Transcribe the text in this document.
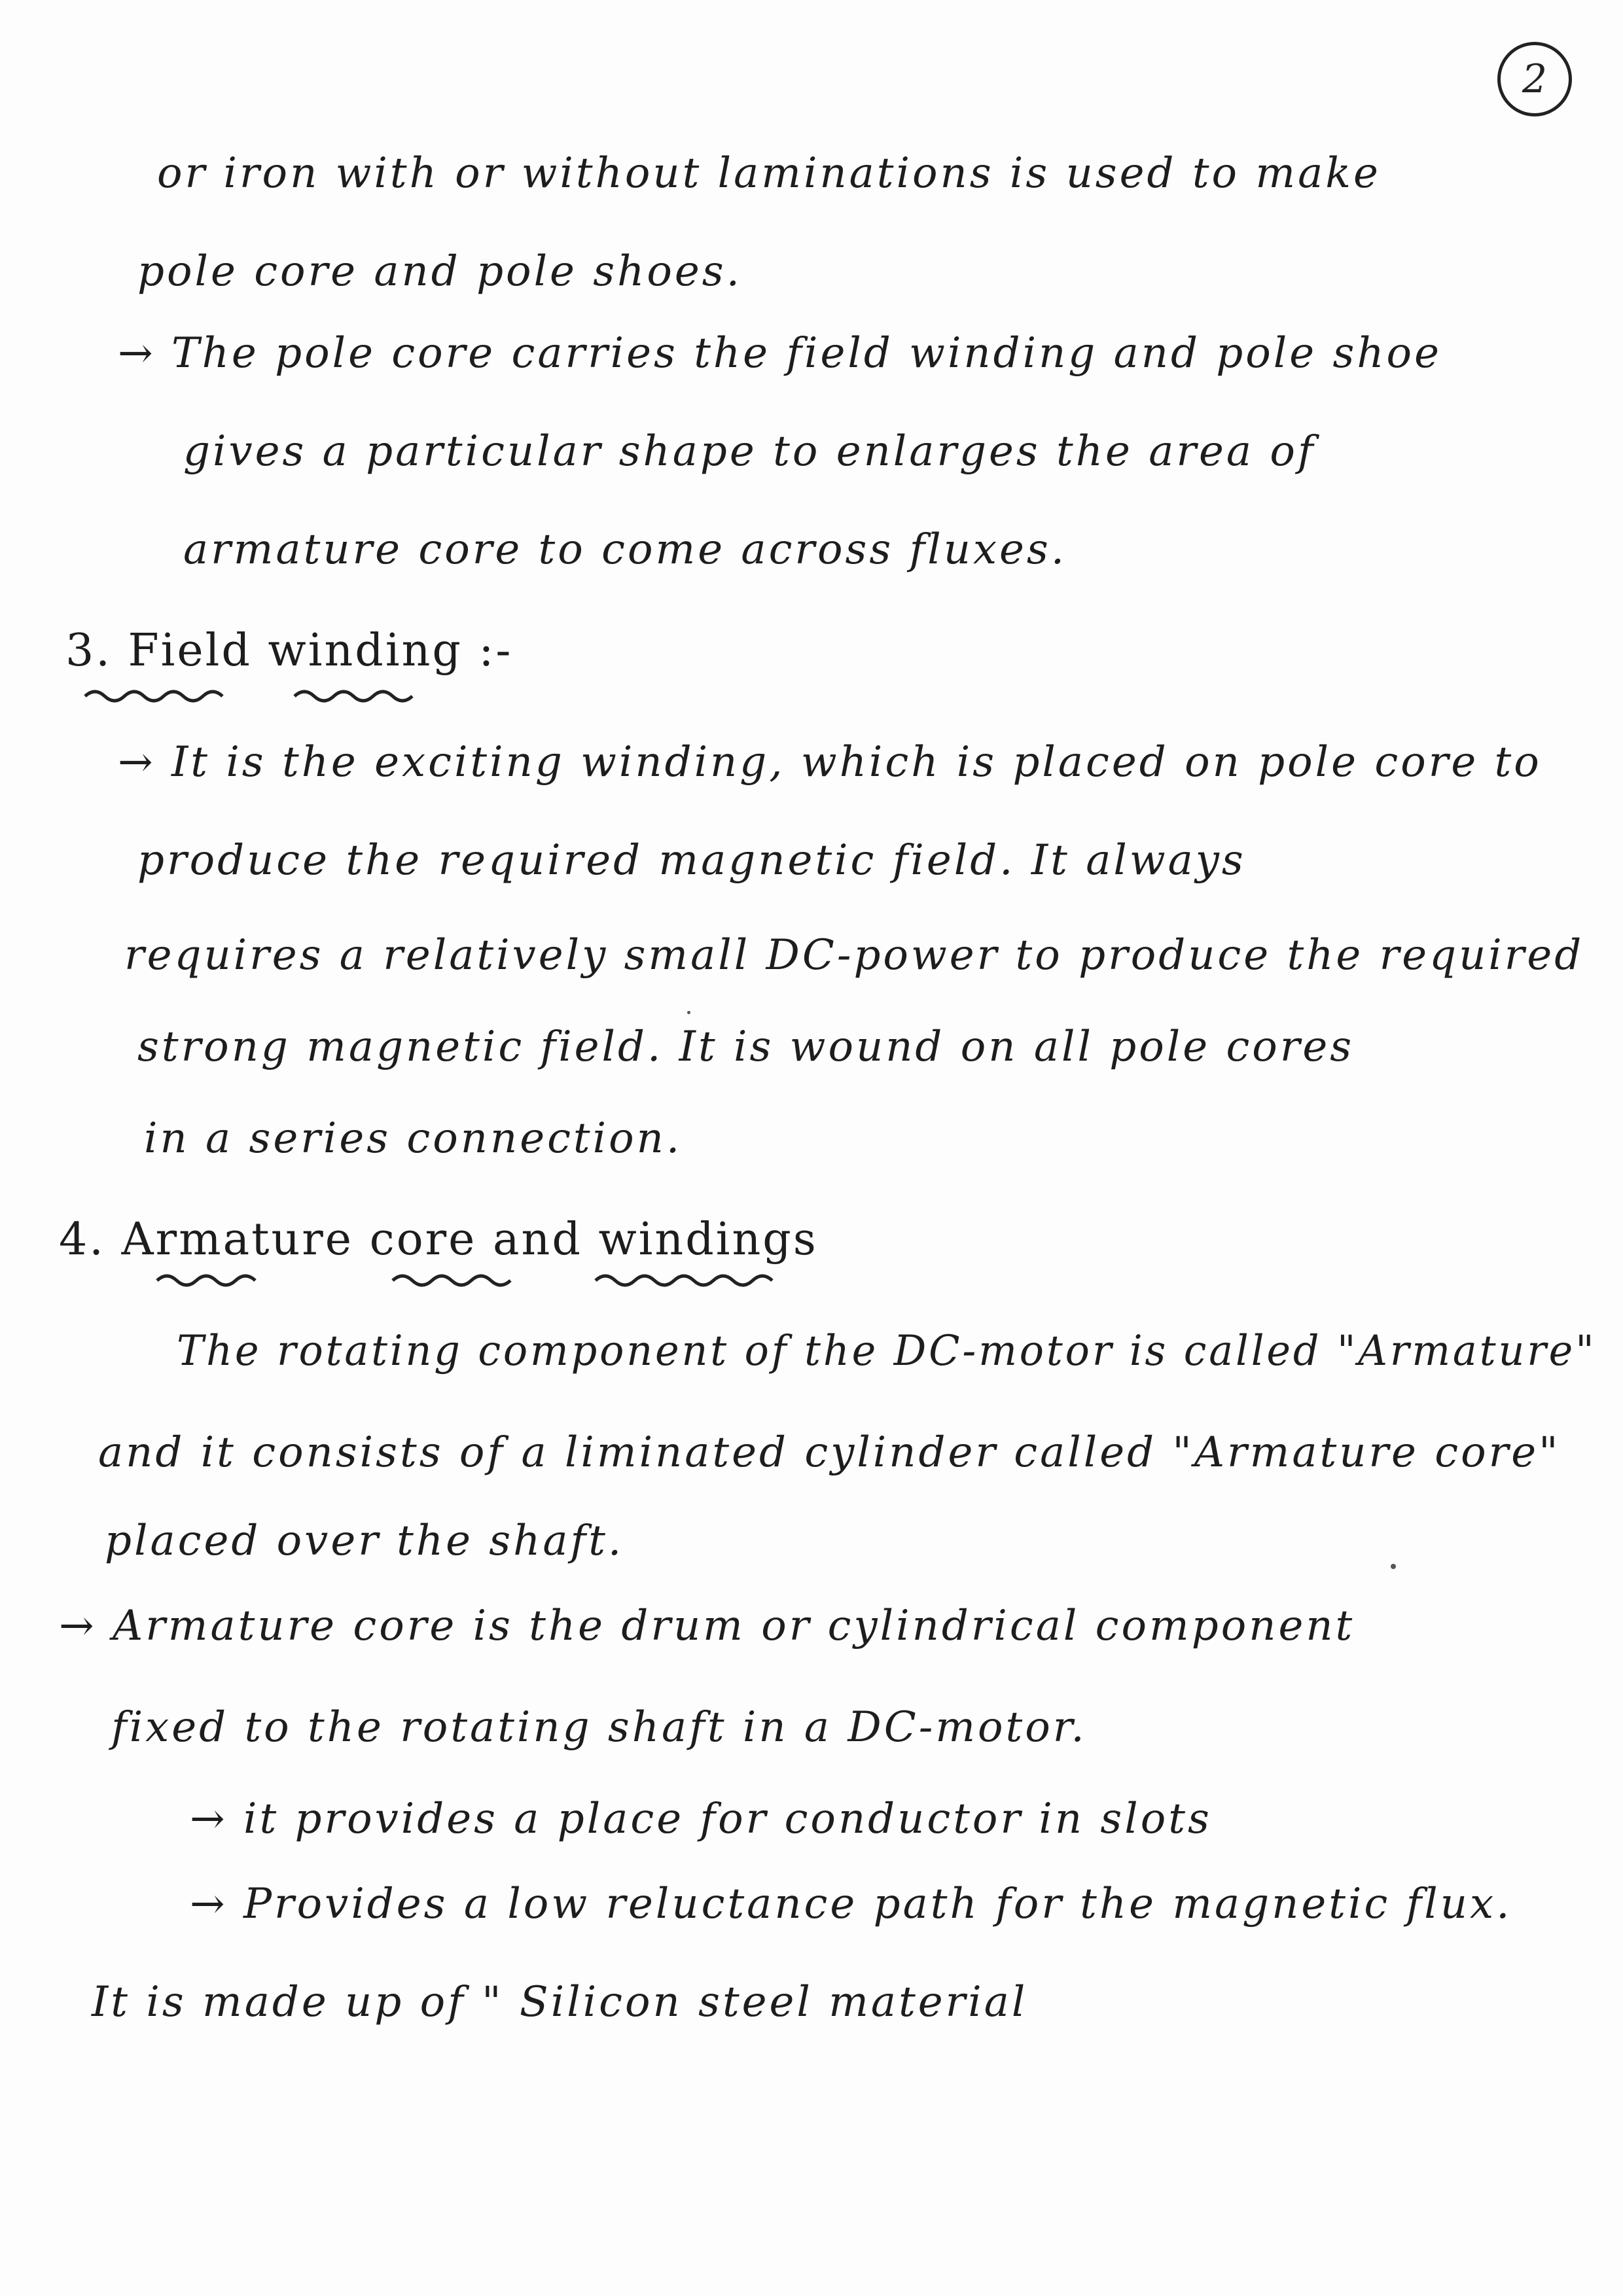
2
or iron with or without laminations is used to make
pole core and pole shoes.
→ The pole core carries the field winding and pole shoe
gives a particular shape to enlarges the area of
armature core to come across fluxes.
3. Field winding :-
→ It is the exciting winding, which is placed on pole core to
produce the required magnetic field. It always
requires a relatively small DC-power to produce the required
strong magnetic field. It is wound on all pole cores
in a series connection.
4. Armature core and windings
The rotating component of the DC-motor is called "Armature"
and it consists of a liminated cylinder called "Armature core"
placed over the shaft.
→ Armature core is the drum or cylindrical component
fixed to the rotating shaft in a DC-motor.
→ it provides a place for conductor in slots
→ Provides a low reluctance path for the magnetic flux.
It is made up of " Silicon steel material
